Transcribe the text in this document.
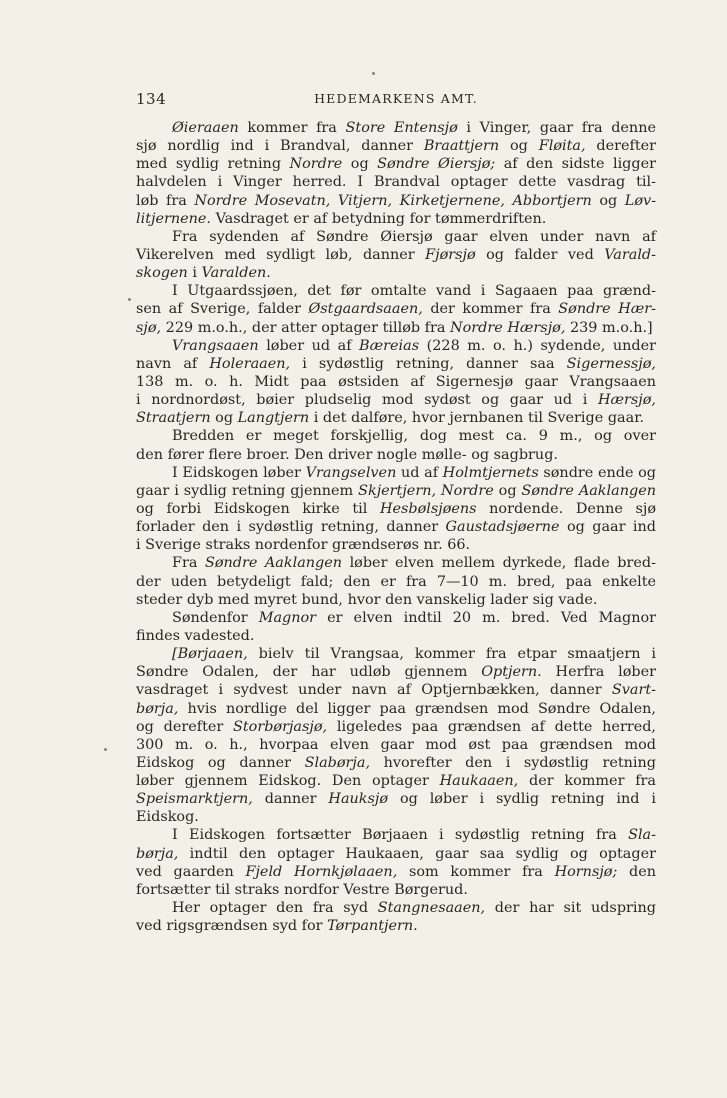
134	HEDEMARKENS AMT.
Øieraaen kommer fra Store Entensjø i Vinger, gaar fra denne
sjø nordlig ind i Brandval, danner Braattjern og Fløita, derefter
med sydlig retning Nordre og Søndre Øiersjø; af den sidste ligger
halvdelen i Vinger herred. I Brandval optager dette vasdrag til-
løb fra Nordre Mosevatn, Vitjern, Kirketjernene, Abbortjern og Løv-
litjernene. Vasdraget er af betydning for tømmerdriften.
Fra sydenden af Søndre Øiersjø gaar elven under navn af
Vikerelven med sydligt løb, danner Fjørsjø og falder ved Varald-
skogen i Varalden.
I Utgaardssjøen, det før omtalte vand i Sagaaen paa grænd-
sen af Sverige, falder Østgaardsaaen, der kommer fra Søndre Hær-
sjø, 229 m.o.h., der atter optager tilløb fra Nordre Hærsjø, 239 m.o.h.]
Vrangsaaen løber ud af Bæreias (228 m. o. h.) sydende, under
navn af Holeraaen, i sydøstlig retning, danner saa Sigernessjø,
138 m. o. h. Midt paa østsiden af Sigernesjø gaar Vrangsaaen
i nordnordøst, bøier pludselig mod sydøst og gaar ud i Hærsjø,
Straatjern og Langtjern i det dalføre, hvor jernbanen til Sverige gaar.
Bredden er meget forskjellig, dog mest ca. 9 m., og over
den fører flere broer. Den driver nogle mølle- og sagbrug.
I Eidskogen løber Vrangselven ud af Holmtjernets søndre ende og
gaar i sydlig retning gjennem Skjertjern, Nordre og Søndre Aaklangen
og forbi Eidskogen kirke til Hesbølsjøens nordende. Denne sjø
forlader den i sydøstlig retning, danner Gaustadsjøerne og gaar ind
i Sverige straks nordenfor grændserøs nr. 66.
Fra Søndre Aaklangen løber elven mellem dyrkede, flade bred-
der uden betydeligt fald; den er fra 7—10 m. bred, paa enkelte
steder dyb med myret bund, hvor den vanskelig lader sig vade.
Søndenfor Magnor er elven indtil 20 m. bred. Ved Magnor
findes vadested.
[Børjaaen, bielv til Vrangsaa, kommer fra etpar smaatjern i
Søndre Odalen, der har udløb gjennem Optjern. Herfra løber
vasdraget i sydvest under navn af Optjernbækken, danner Svart-
børja, hvis nordlige del ligger paa grændsen mod Søndre Odalen,
og derefter Storbørjasjø, ligeledes paa grændsen af dette herred,
300 m. o. h., hvorpaa elven gaar mod øst paa grændsen mod
Eidskog og danner Slabørja, hvorefter den i sydøstlig retning
løber gjennem Eidskog. Den optager Haukaaen, der kommer fra
Speismarktjern, danner Hauksjø og løber i sydlig retning ind i
Eidskog.
I Eidskogen fortsætter Børjaaen i sydøstlig retning fra Sla-
børja, indtil den optager Haukaaen, gaar saa sydlig og optager
ved gaarden Fjeld Hornkjølaaen, som kommer fra Hornsjø; den
fortsætter til straks nordfor Vestre Børgerud.
Her optager den fra syd Stangnesaaen, der har sit udspring
ved rigsgrændsen syd for Tørpantjern.
